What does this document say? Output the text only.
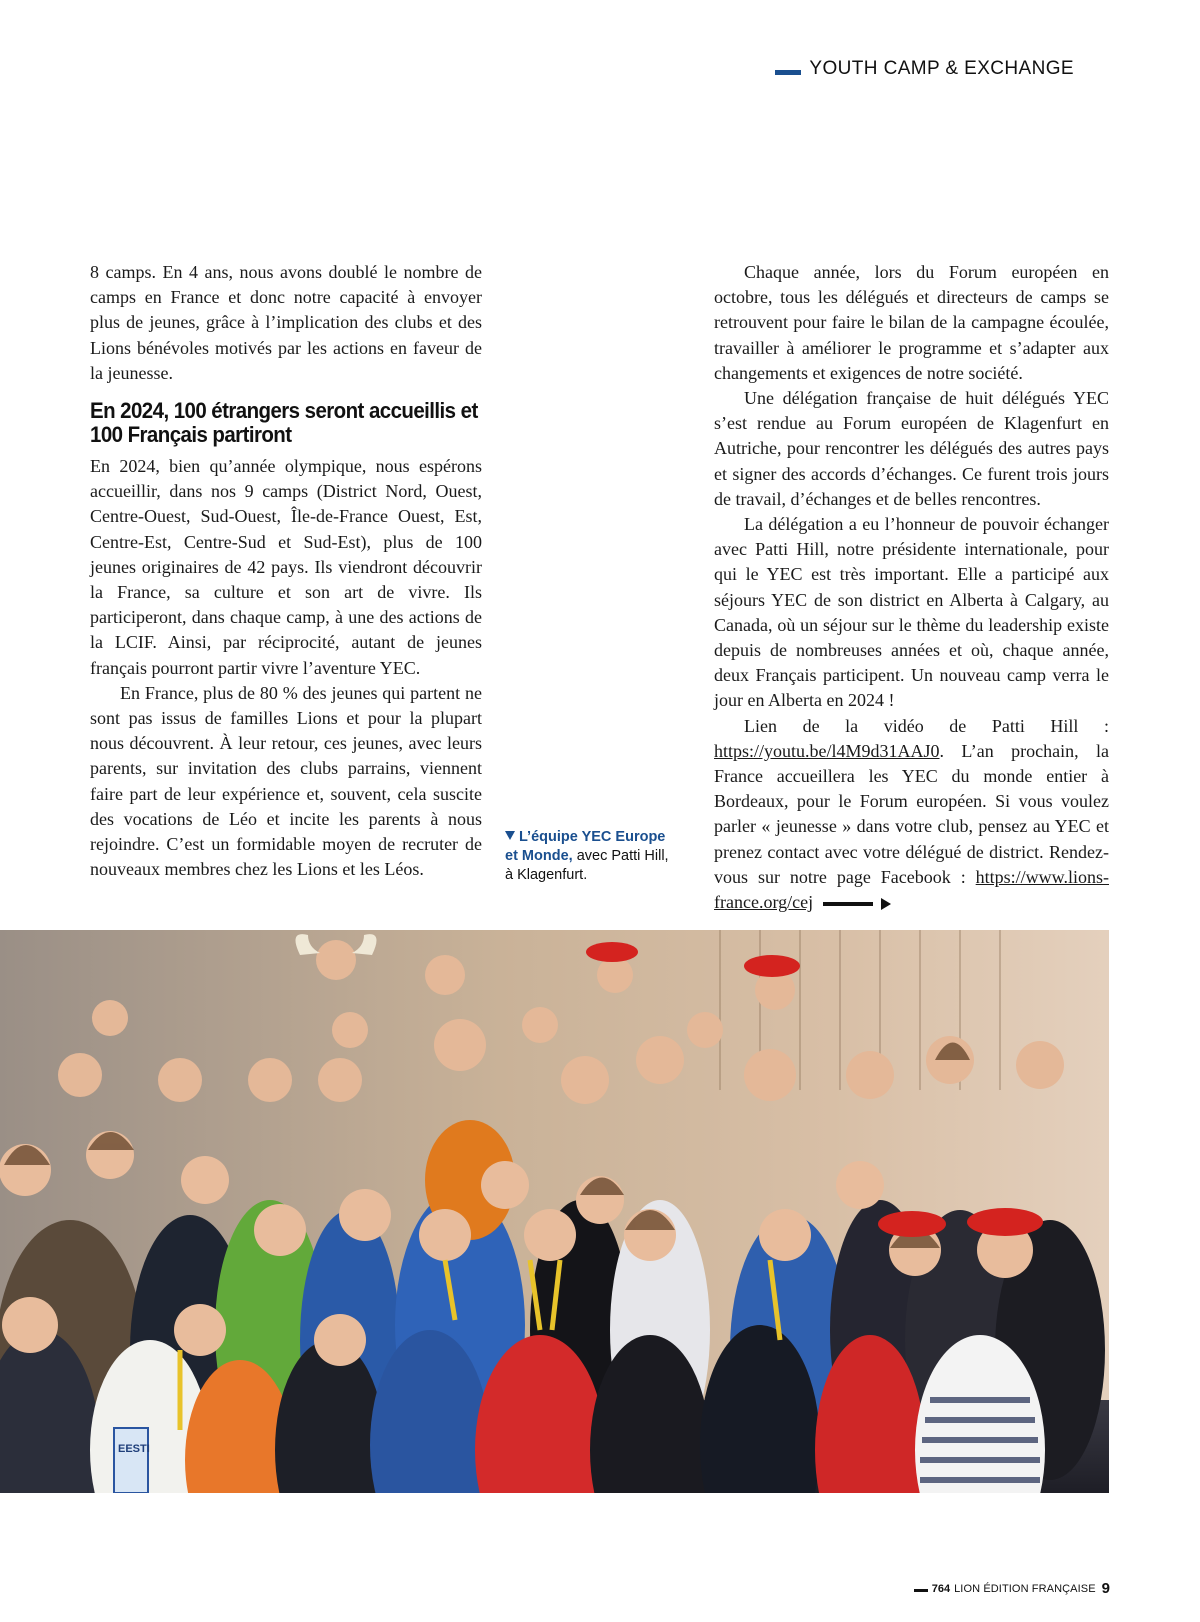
YOUTH CAMP & EXCHANGE

8 camps. En 4 ans, nous avons doublé le nombre de camps en France et donc notre capacité à envoyer plus de jeunes, grâce à l’implication des clubs et des Lions bénévoles motivés par les actions en faveur de la jeunesse.

En 2024, 100 étrangers seront accueillis et 100 Français partiront

En 2024, bien qu’année olympique, nous espérons accueillir, dans nos 9 camps (District Nord, Ouest, Centre-Ouest, Sud-Ouest, Île-de-France Ouest, Est, Centre-Est, Centre-Sud et Sud-Est), plus de 100 jeunes originaires de 42 pays. Ils viendront découvrir la France, sa culture et son art de vivre. Ils participeront, dans chaque camp, à une des actions de la LCIF. Ainsi, par réciprocité, autant de jeunes français pourront partir vivre l’aventure YEC.

En France, plus de 80 % des jeunes qui partent ne sont pas issus de familles Lions et pour la plupart nous découvrent. À leur retour, ces jeunes, avec leurs parents, sur invitation des clubs parrains, viennent faire part de leur expérience et, souvent, cela suscite des vocations de Léo et incite les parents à nous rejoindre. C’est un formidable moyen de recruter de nouveaux membres chez les Lions et les Léos.

Chaque année, lors du Forum européen en octobre, tous les délégués et directeurs de camps se retrouvent pour faire le bilan de la campagne écoulée, travailler à améliorer le programme et s’adapter aux changements et exigences de notre société.

Une délégation française de huit délégués YEC s’est rendue au Forum européen de Klagenfurt en Autriche, pour rencontrer les délégués des autres pays et signer des accords d’échanges. Ce furent trois jours de travail, d’échanges et de belles rencontres.

La délégation a eu l’honneur de pouvoir échanger avec Patti Hill, notre présidente internationale, pour qui le YEC est très important. Elle a participé aux séjours YEC de son district en Alberta à Calgary, au Canada, où un séjour sur le thème du leadership existe depuis de nombreuses années et où, chaque année, deux Français participent. Un nouveau camp verra le jour en Alberta en 2024 !

Lien de la vidéo de Patti Hill : https://youtu.be/l4M9d31AAJ0. L’an prochain, la France accueillera les YEC du monde entier à Bordeaux, pour le Forum européen. Si vous voulez parler « jeunesse » dans votre club, pensez au YEC et prenez contact avec votre délégué de district. Rendez-vous sur notre page Facebook : https://www.lions-france.org/cej

L’équipe YEC Europe et Monde, avec Patti Hill, à Klagenfurt.
EESTI
764 LION ÉDITION FRANÇAISE 9
